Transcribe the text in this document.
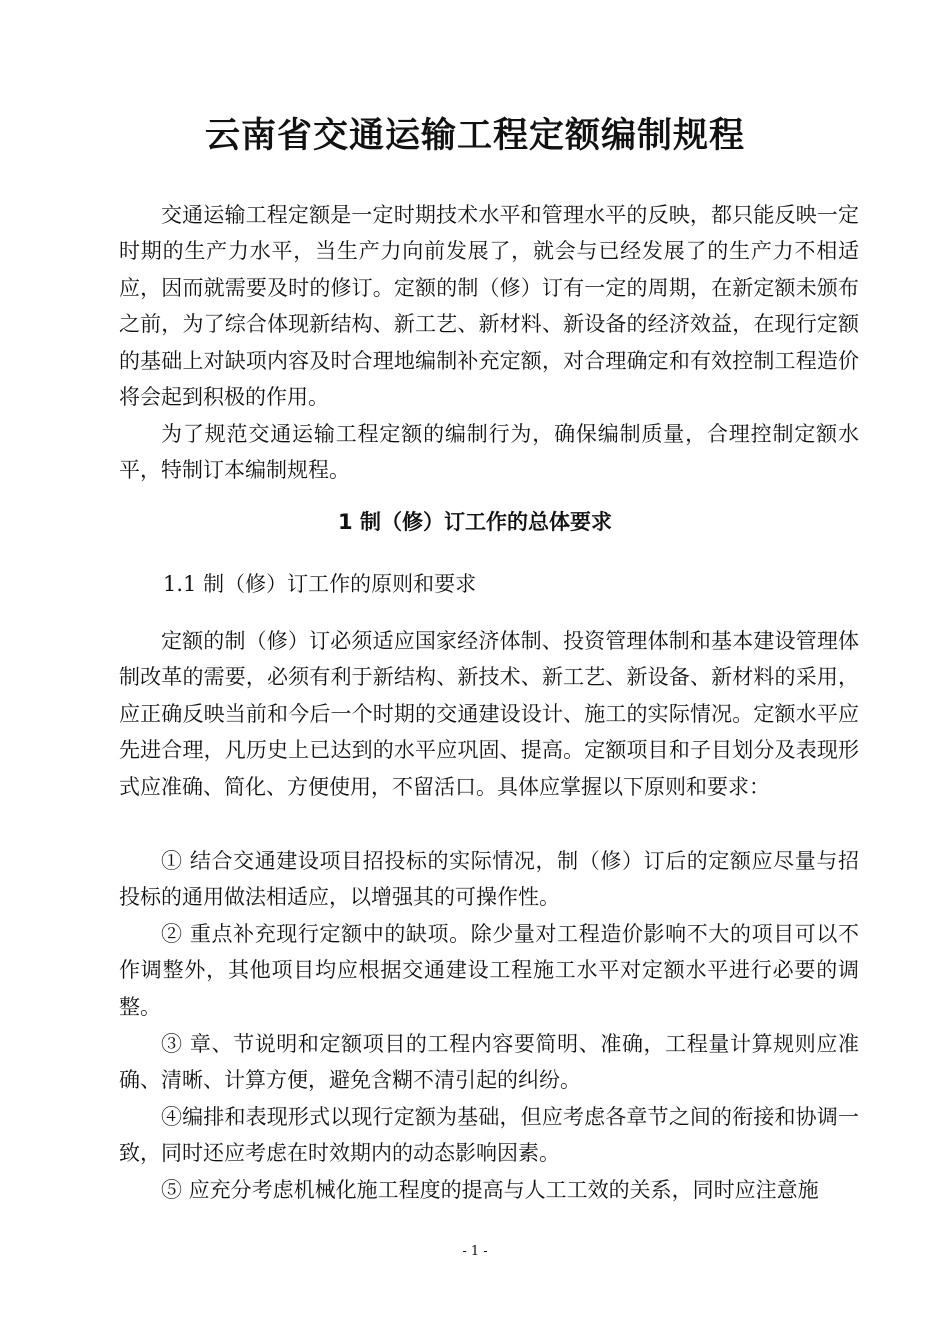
云南省交通运输工程定额编制规程

交通运输工程定额是一定时期技术水平和管理水平的反映，都只能反映一定时期的生产力水平，当生产力向前发展了，就会与已经发展了的生产力不相适应，因而就需要及时的修订。定额的制（修）订有一定的周期，在新定额未颁布之前，为了综合体现新结构、新工艺、新材料、新设备的经济效益，在现行定额的基础上对缺项内容及时合理地编制补充定额，对合理确定和有效控制工程造价将会起到积极的作用。

为了规范交通运输工程定额的编制行为，确保编制质量，合理控制定额水平，特制订本编制规程。

1 制（修）订工作的总体要求
1.1 制（修）订工作的原则和要求

定额的制（修）订必须适应国家经济体制、投资管理体制和基本建设管理体制改革的需要，必须有利于新结构、新技术、新工艺、新设备、新材料的采用，应正确反映当前和今后一个时期的交通建设设计、施工的实际情况。定额水平应先进合理，凡历史上已达到的水平应巩固、提高。定额项目和子目划分及表现形式应准确、简化、方便使用，不留活口。具体应掌握以下原则和要求：

① 结合交通建设项目招投标的实际情况，制（修）订后的定额应尽量与招投标的通用做法相适应，以增强其的可操作性。

② 重点补充现行定额中的缺项。除少量对工程造价影响不大的项目可以不作调整外，其他项目均应根据交通建设工程施工水平对定额水平进行必要的调整。

③ 章、节说明和定额项目的工程内容要简明、准确，工程量计算规则应准确、清晰、计算方便，避免含糊不清引起的纠纷。

④编排和表现形式以现行定额为基础，但应考虑各章节之间的衔接和协调一致，同时还应考虑在时效期内的动态影响因素。

⑤ 应充分考虑机械化施工程度的提高与人工工效的关系，同时应注意施

- 1 -
